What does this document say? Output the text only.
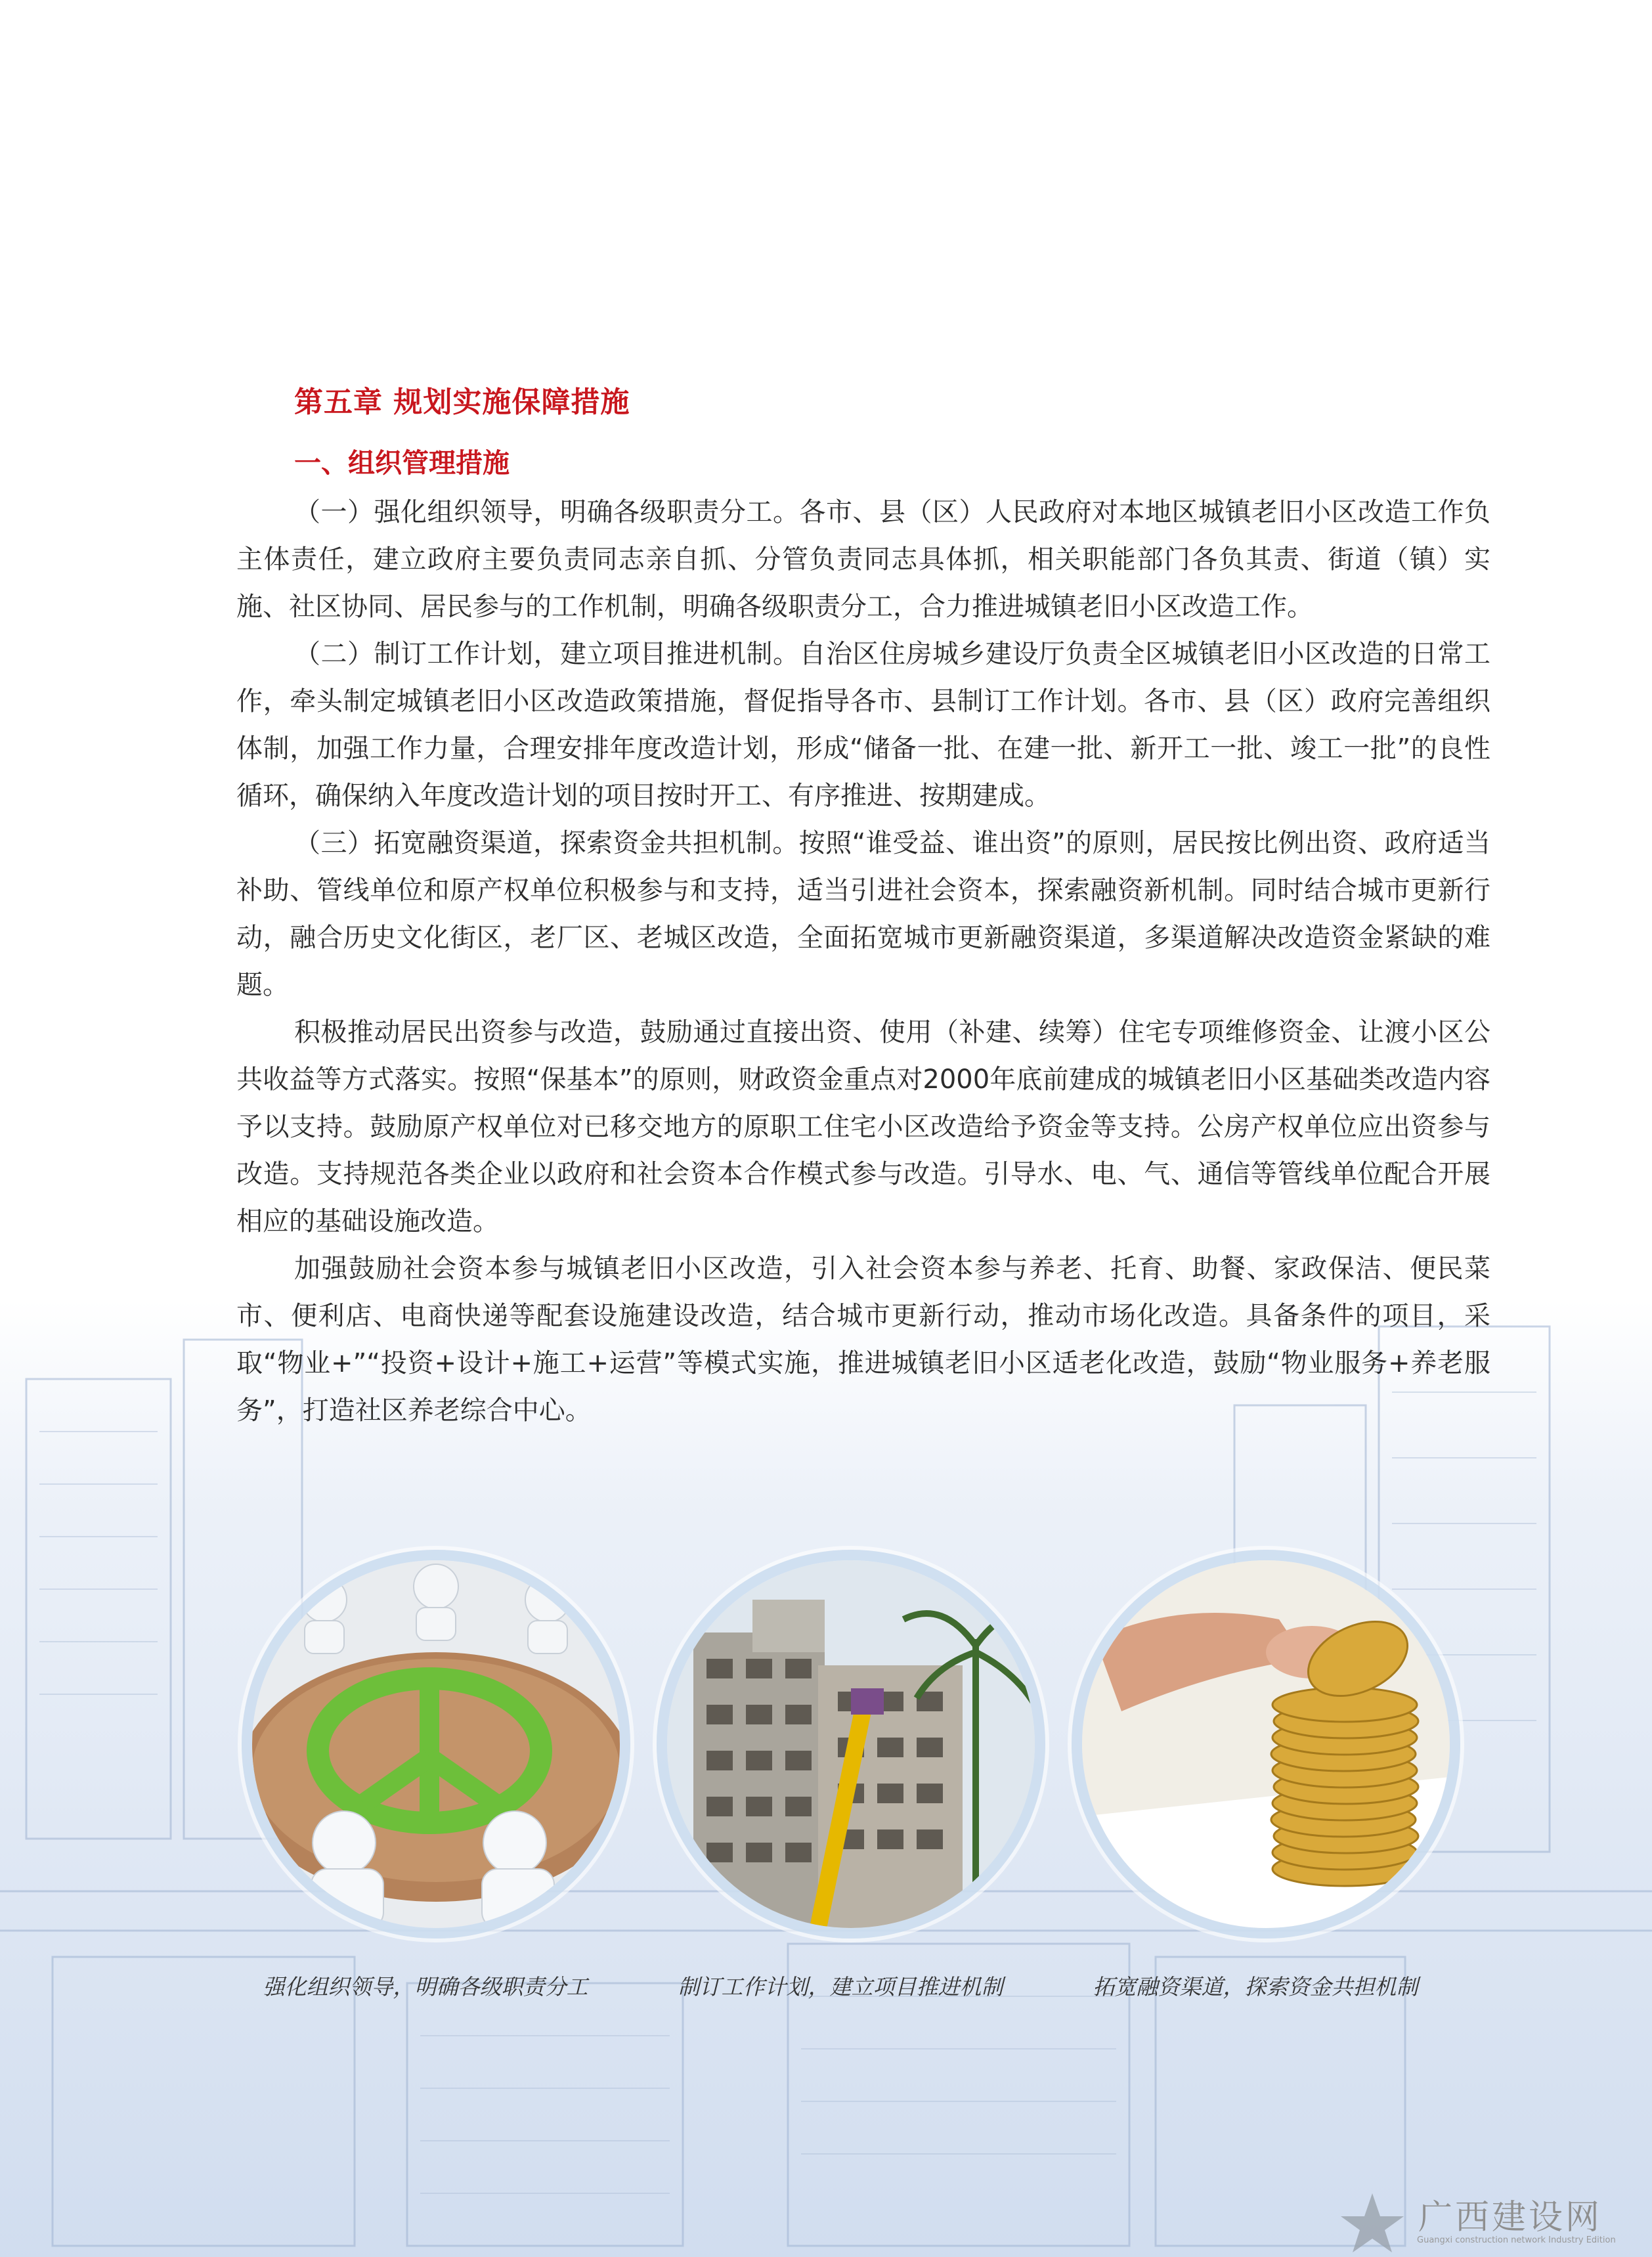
第五章 规划实施保障措施
一、组织管理措施

（一）强化组织领导，明确各级职责分工。各市、县（区）人民政府对本地区城镇老旧小区改造工作负主体责任，建立政府主要负责同志亲自抓、分管负责同志具体抓，相关职能部门各负其责、街道（镇）实施、社区协同、居民参与的工作机制，明确各级职责分工，合力推进城镇老旧小区改造工作。

（二）制订工作计划，建立项目推进机制。自治区住房城乡建设厅负责全区城镇老旧小区改造的日常工作，牵头制定城镇老旧小区改造政策措施，督促指导各市、县制订工作计划。各市、县（区）政府完善组织体制，加强工作力量，合理安排年度改造计划，形成“储备一批、在建一批、新开工一批、竣工一批”的良性循环，确保纳入年度改造计划的项目按时开工、有序推进、按期建成。

（三）拓宽融资渠道，探索资金共担机制。按照“谁受益、谁出资”的原则，居民按比例出资、政府适当补助、管线单位和原产权单位积极参与和支持，适当引进社会资本，探索融资新机制。同时结合城市更新行动，融合历史文化街区，老厂区、老城区改造，全面拓宽城市更新融资渠道，多渠道解决改造资金紧缺的难题。

积极推动居民出资参与改造，鼓励通过直接出资、使用（补建、续筹）住宅专项维修资金、让渡小区公共收益等方式落实。按照“保基本”的原则，财政资金重点对2000年底前建成的城镇老旧小区基础类改造内容予以支持。鼓励原产权单位对已移交地方的原职工住宅小区改造给予资金等支持。公房产权单位应出资参与改造。支持规范各类企业以政府和社会资本合作模式参与改造。引导水、电、气、通信等管线单位配合开展相应的基础设施改造。

加强鼓励社会资本参与城镇老旧小区改造，引入社会资本参与养老、托育、助餐、家政保洁、便民菜市、便利店、电商快递等配套设施建设改造，结合城市更新行动，推动市场化改造。具备条件的项目，采取“物业+”“投资+设计+施工+运营”等模式实施，推进城镇老旧小区适老化改造，鼓励“物业服务+养老服务”，打造社区养老综合中心。

强化组织领导，明确各级职责分工	制订工作计划，建立项目推进机制	拓宽融资渠道，探索资金共担机制
广西建设网
Guangxi construction network Industry Edition
